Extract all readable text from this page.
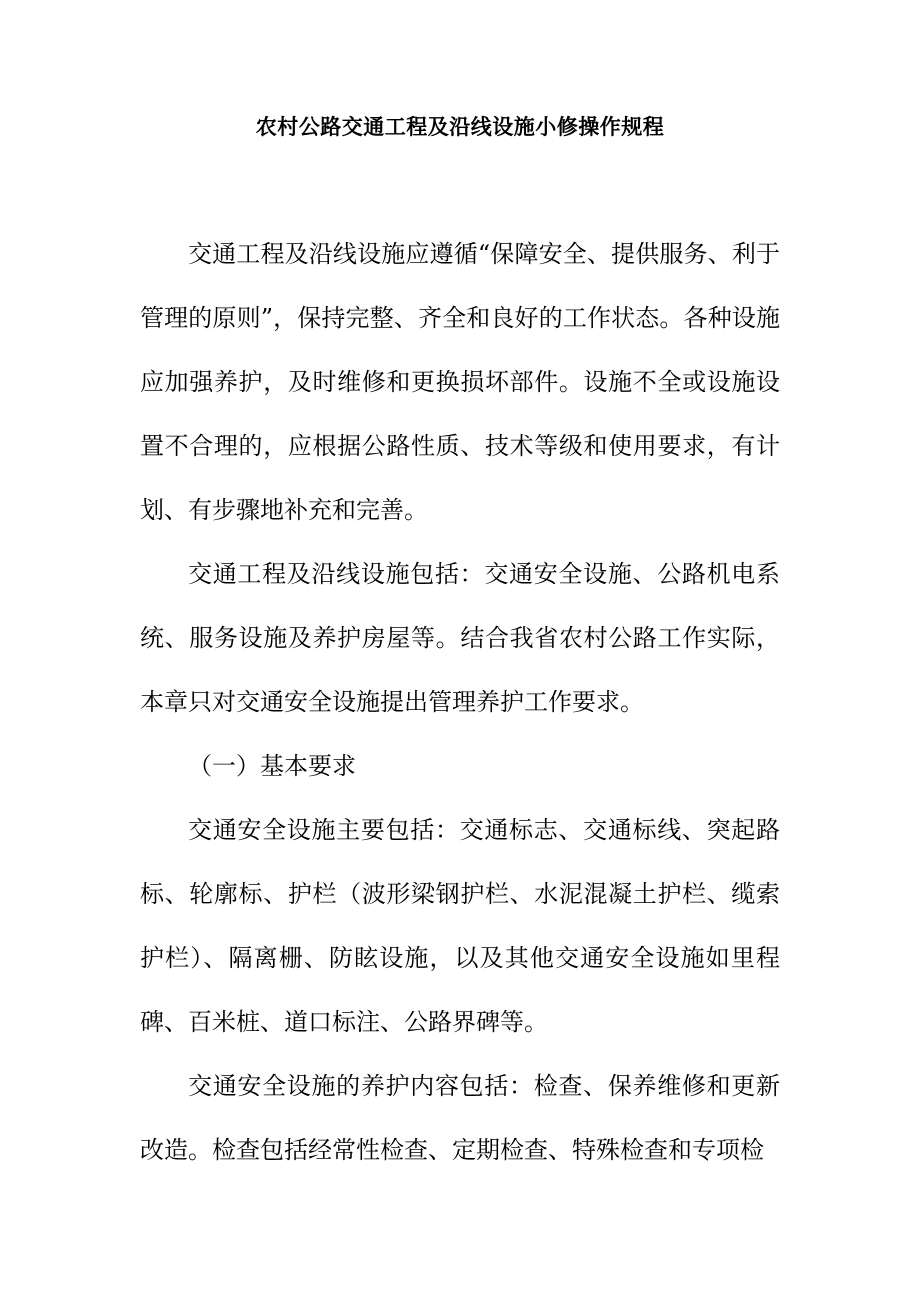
农村公路交通工程及沿线设施小修操作规程

交通工程及沿线设施应遵循“保障安全、提供服务、利于管理的原则”，保持完整、齐全和良好的工作状态。各种设施应加强养护，及时维修和更换损坏部件。设施不全或设施设置不合理的，应根据公路性质、技术等级和使用要求，有计划、有步骤地补充和完善。

交通工程及沿线设施包括：交通安全设施、公路机电系统、服务设施及养护房屋等。结合我省农村公路工作实际，本章只对交通安全设施提出管理养护工作要求。

（一）基本要求

交通安全设施主要包括：交通标志、交通标线、突起路标、轮廓标、护栏（波形梁钢护栏、水泥混凝土护栏、缆索护栏）、隔离栅、防眩设施，以及其他交通安全设施如里程碑、百米桩、道口标注、公路界碑等。

交通安全设施的养护内容包括：检查、保养维修和更新改造。检查包括经常性检查、定期检查、特殊检查和专项检
